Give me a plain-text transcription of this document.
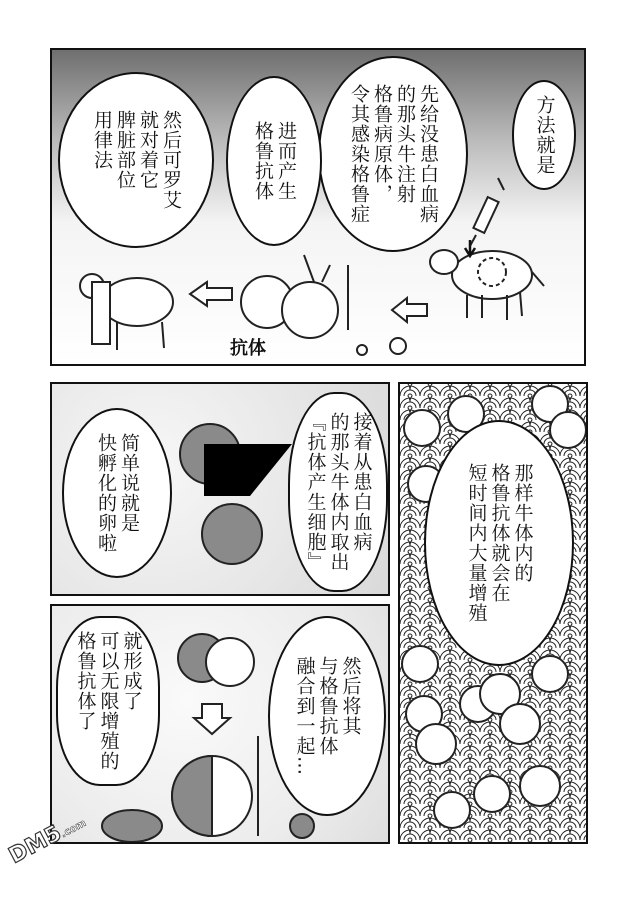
方法就是
先给没患白血病
的那头牛注射
格鲁病原体，
令其感染格鲁症
进而产生
格鲁抗体
然后可罗艾
就对着它
脾脏部位
用律法
抗体
接着从患白血病
的那头牛体内取出
『抗体产生细胞』
简单说就是
快孵化的卵啦
然后将其
与格鲁抗体
融合到一起…
就形成了
可以无限增殖的
格鲁抗体了
那样牛体内的
格鲁抗体就会在
短时间内大量增殖
DM5.com
